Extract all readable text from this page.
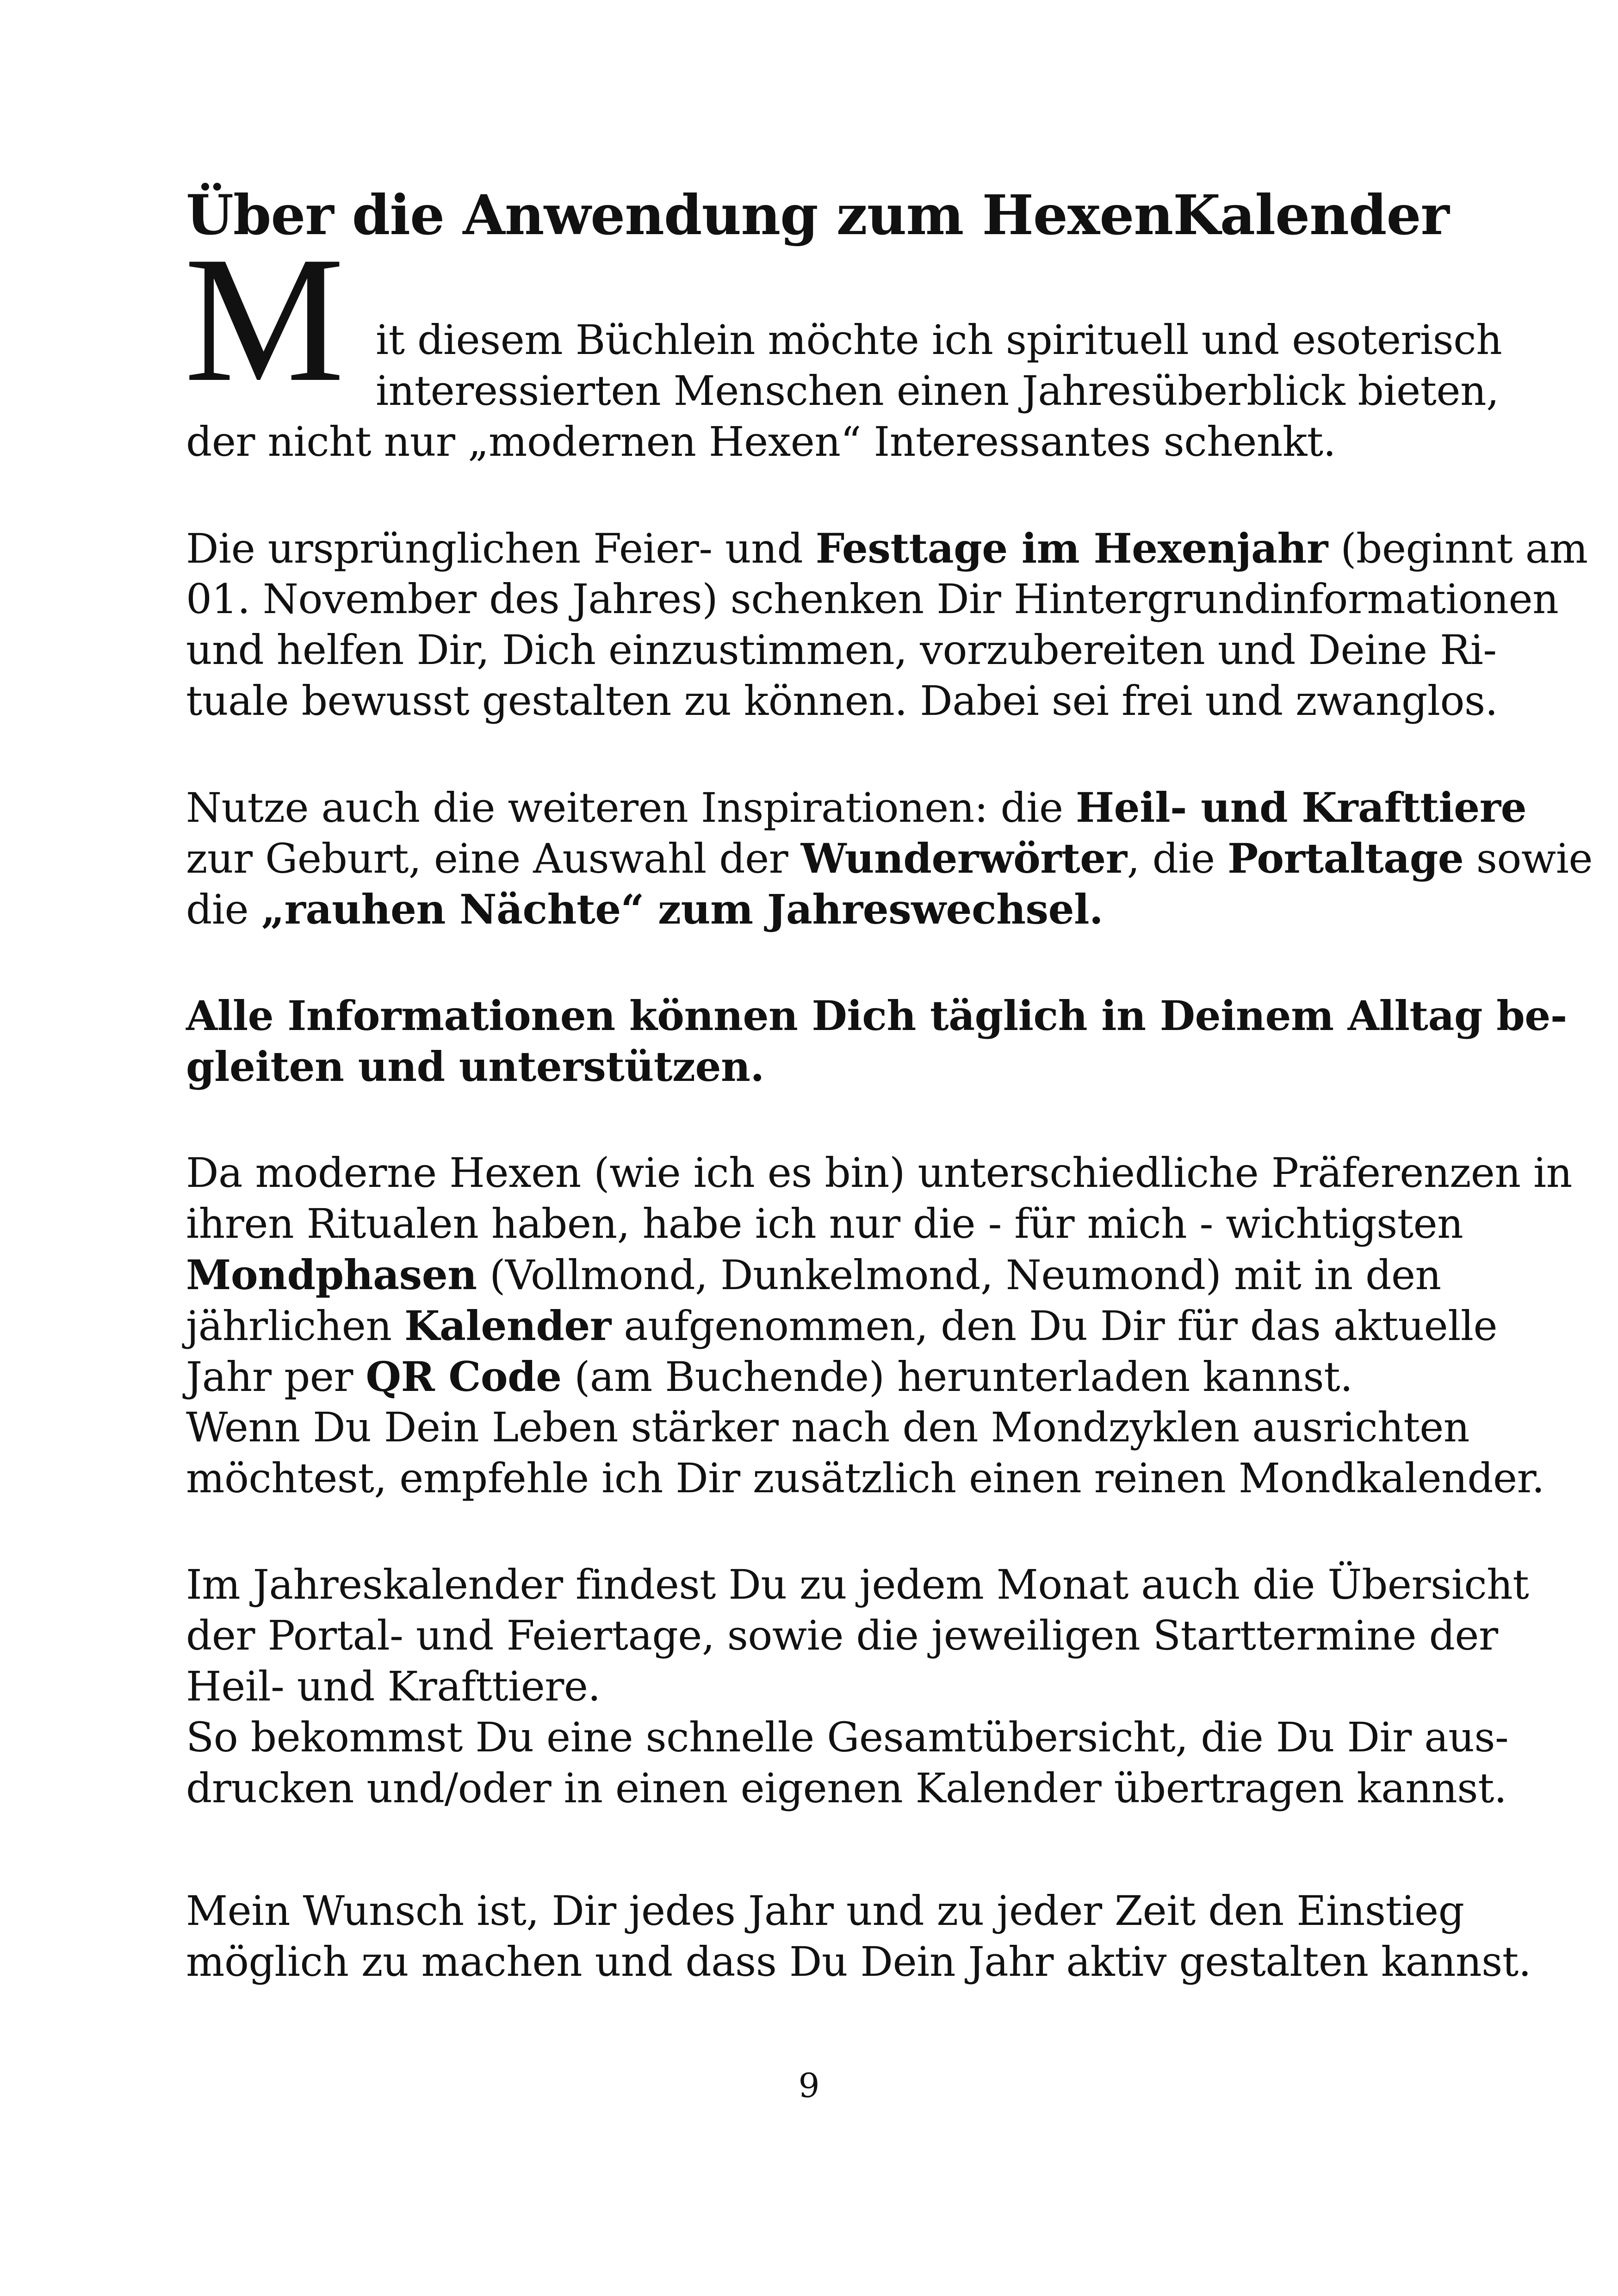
Über die Anwendung zum HexenKalender
M it diesem Büchlein möchte ich spirituell und esoterisch
interessierten Menschen einen Jahresüberblick bieten,
der nicht nur „modernen Hexen“ Interessantes schenkt.
Die ursprünglichen Feier- und Festtage im Hexenjahr (beginnt am
01. November des Jahres) schenken Dir Hintergrundinformationen
und helfen Dir, Dich einzustimmen, vorzubereiten und Deine Ri-
tuale bewusst gestalten zu können. Dabei sei frei und zwanglos.
Nutze auch die weiteren Inspirationen: die Heil- und Krafttiere
zur Geburt, eine Auswahl der Wunderwörter, die Portaltage sowie
die „rauhen Nächte“ zum Jahreswechsel.
Alle Informationen können Dich täglich in Deinem Alltag be-
gleiten und unterstützen.
Da moderne Hexen (wie ich es bin) unterschiedliche Präferenzen in
ihren Ritualen haben, habe ich nur die - für mich - wichtigsten
Mondphasen (Vollmond, Dunkelmond, Neumond) mit in den
jährlichen Kalender aufgenommen, den Du Dir für das aktuelle
Jahr per QR Code (am Buchende) herunterladen kannst.
Wenn Du Dein Leben stärker nach den Mondzyklen ausrichten
möchtest, empfehle ich Dir zusätzlich einen reinen Mondkalender.
Im Jahreskalender findest Du zu jedem Monat auch die Übersicht
der Portal- und Feiertage, sowie die jeweiligen Starttermine der
Heil- und Krafttiere.
So bekommst Du eine schnelle Gesamtübersicht, die Du Dir aus-
drucken und/oder in einen eigenen Kalender übertragen kannst.
Mein Wunsch ist, Dir jedes Jahr und zu jeder Zeit den Einstieg
möglich zu machen und dass Du Dein Jahr aktiv gestalten kannst.
9
